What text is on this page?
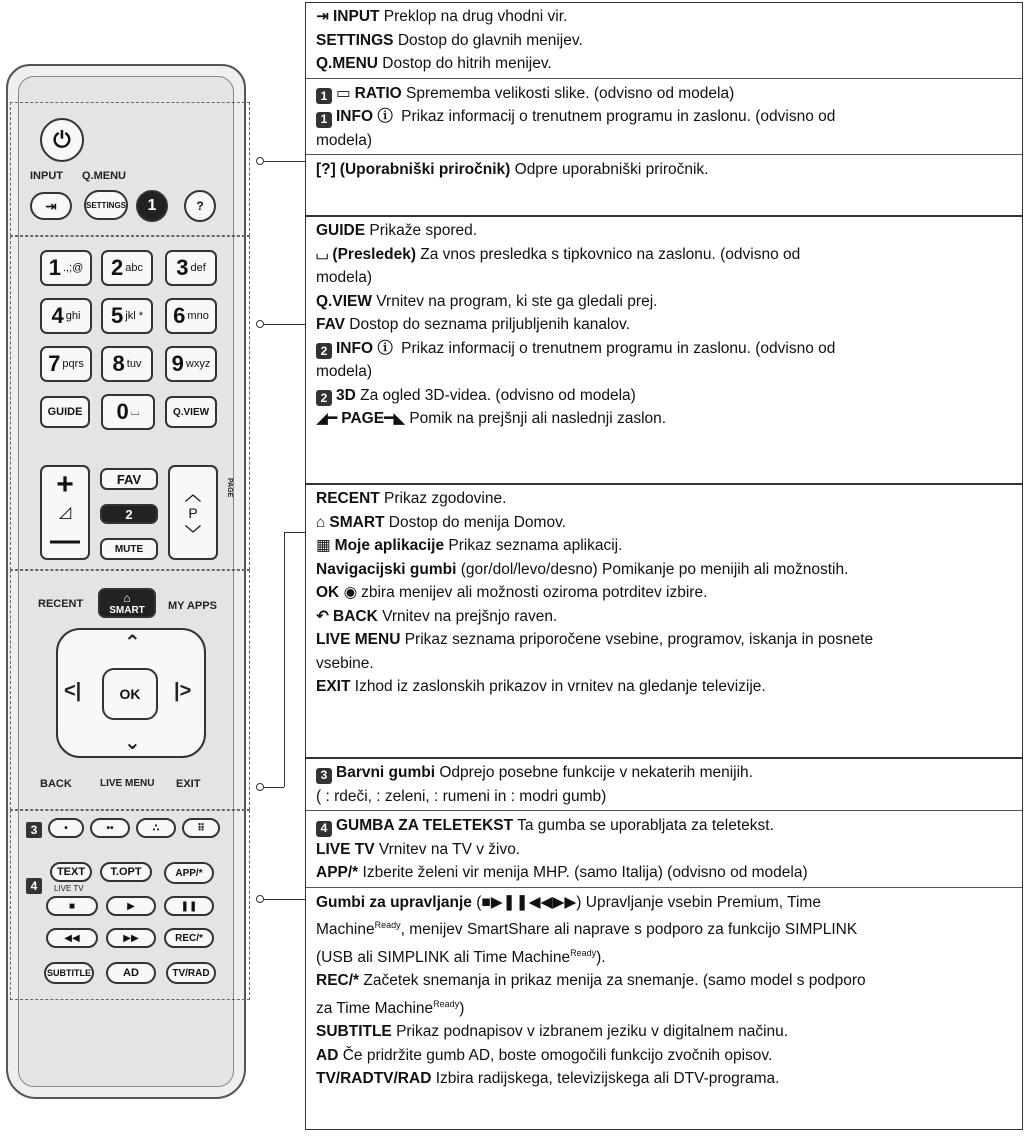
⏻
INPUT Q.MENU
⇥	SETTINGS	1	?
1 .,;@ 2 abc 3 def
4 ghi 5 jkl * 6 mno
7 pqrs 8 tuv 9 wxyz
GUIDE	0 ⌴	Q.VIEW
+
◿
—
FAV
2
MUTE
︿
P
﹀
PAGE
RECENT	⌂
SMART MY APPS
⌃
<|	|>
⌄
OK
BACK	LIVE MENU EXIT
3	•	••	∴	⠿
4
TEXT	T.OPT	APP/*
LIVE TV
■	▶	❚❚
◀◀	▶▶	REC/*
SUBTITLE	AD	TV/RAD
⇥ INPUT Preklop na drug vhodni vir.
SETTINGS Dostop do glavnih menijev.
Q.MENU Dostop do hitrih menijev.
1 ▭ RATIO Sprememba velikosti slike. (odvisno od modela)
1 INFO ⓘ Prikaz informacij o trenutnem programu in zaslonu. (odvisno od
modela)
[?] (Uporabniški priročnik) Odpre uporabniški priročnik.
GUIDE Prikaže spored.
⌴ (Presledek) Za vnos presledka s tipkovnico na zaslonu. (odvisno od
modela)
Q.VIEW Vrnitev na program, ki ste ga gledali prej.
FAV Dostop do seznama priljubljenih kanalov.
2 INFO ⓘ Prikaz informacij o trenutnem programu in zaslonu. (odvisno od
modela)
2 3D Za ogled 3D-videa. (odvisno od modela)
◢━ PAGE━◣ Pomik na prejšnji ali naslednji zaslon.
RECENT Prikaz zgodovine.
⌂ SMART Dostop do menija Domov.
▦ Moje aplikacije Prikaz seznama aplikacij.
Navigacijski gumbi (gor/dol/levo/desno) Pomikanje po menijih ali možnostih.
OK ◉ zbira menijev ali možnosti oziroma potrditev izbire.
↶ BACK Vrnitev na prejšnjo raven.
LIVE MENU Prikaz seznama priporočene vsebine, programov, iskanja in posnete
vsebine.
EXIT Izhod iz zaslonskih prikazov in vrnitev na gledanje televizije.
3 Barvni gumbi Odprejo posebne funkcije v nekaterih menijih.
( : rdeči, : zeleni, : rumeni in : modri gumb)
4 GUMBA ZA TELETEKST Ta gumba se uporabljata za teletekst.
LIVE TV Vrnitev na TV v živo.
APP/* Izberite želeni vir menija MHP. (samo Italija) (odvisno od modela)
Gumbi za upravljanje (■▶❚❚◀◀▶▶) Upravljanje vsebin Premium, Time
Machine$^{Ready}$, menijev SmartShare ali naprave s podporo za funkcijo SIMPLINK
(USB ali SIMPLINK ali Time Machine$^{Ready}$).
REC/* Začetek snemanja in prikaz menija za snemanje. (samo model s podporo
za Time Machine$^{Ready}$)
SUBTITLE Prikaz podnapisov v izbranem jeziku v digitalnem načinu.
AD Če pridržite gumb AD, boste omogočili funkcijo zvočnih opisov.
TV/RADTV/RAD Izbira radijskega, televizijskega ali DTV-programa.
